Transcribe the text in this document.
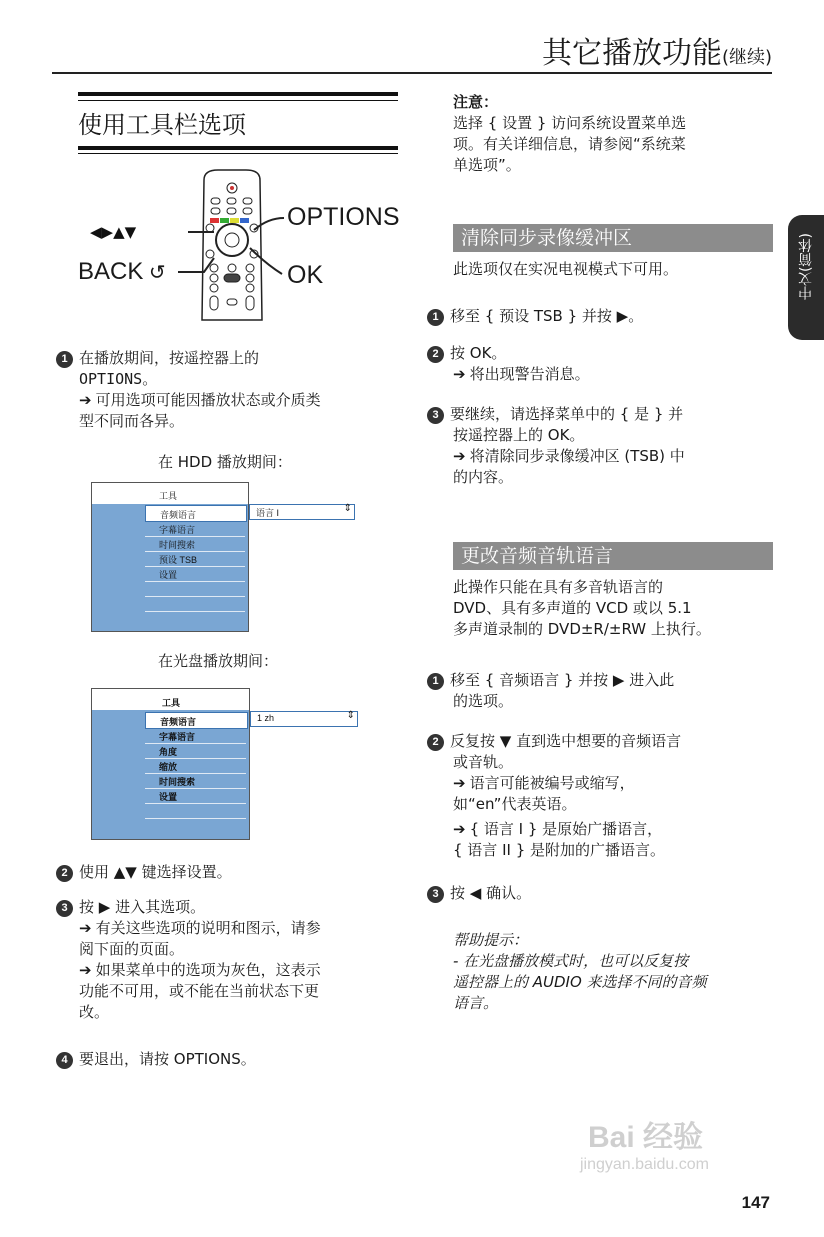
其它播放功能(继续)
中文(简体)
使用工具栏选项
◀▶▲▼
OPTIONS
BACK ↺	OK
1 在播放期间，按遥控器上的
OPTIONS。
➔ 可用选项可能因播放状态或介质类
型不同而各异。
在 HDD 播放期间：
工具
音频语言
字幕语言
时间搜索
预设 TSB
设置
语言 I	⇕
在光盘播放期间：
工具
音频语言
字幕语言
角度
缩放
时间搜索
设置
1 zh	⇕
2 使用 ▲▼ 键选择设置。
3 按 ▶ 进入其选项。
➔ 有关这些选项的说明和图示，请参
阅下面的页面。
➔ 如果菜单中的选项为灰色，这表示
功能不可用，或不能在当前状态下更
改。
4 要退出，请按 OPTIONS。
注意：
选择 { 设置 } 访问系统设置菜单选
项。有关详细信息，请参阅“系统菜
单选项”。
清除同步录像缓冲区
此选项仅在实况电视模式下可用。
1 移至 { 预设 TSB } 并按 ▶。
2 按 OK。
➔ 将出现警告消息。
3 要继续，请选择菜单中的 { 是 } 并
按遥控器上的 OK。
➔ 将清除同步录像缓冲区 (TSB) 中
的内容。
更改音频音轨语言
此操作只能在具有多音轨语言的
DVD、具有多声道的 VCD 或以 5.1
多声道录制的 DVD±R/±RW 上执行。
1 移至 { 音频语言 } 并按 ▶ 进入此
的选项。
2 反复按 ▼ 直到选中想要的音频语言
或音轨。
➔ 语言可能被编号或缩写，
如“en”代表英语。
➔ { 语言 I } 是原始广播语言，
{ 语言 II } 是附加的广播语言。
3 按 ◀ 确认。
帮助提示：
- 在光盘播放模式时，也可以反复按
遥控器上的 AUDIO 来选择不同的音频
语言。
Bai 经验
jingyan.baidu.com
147
